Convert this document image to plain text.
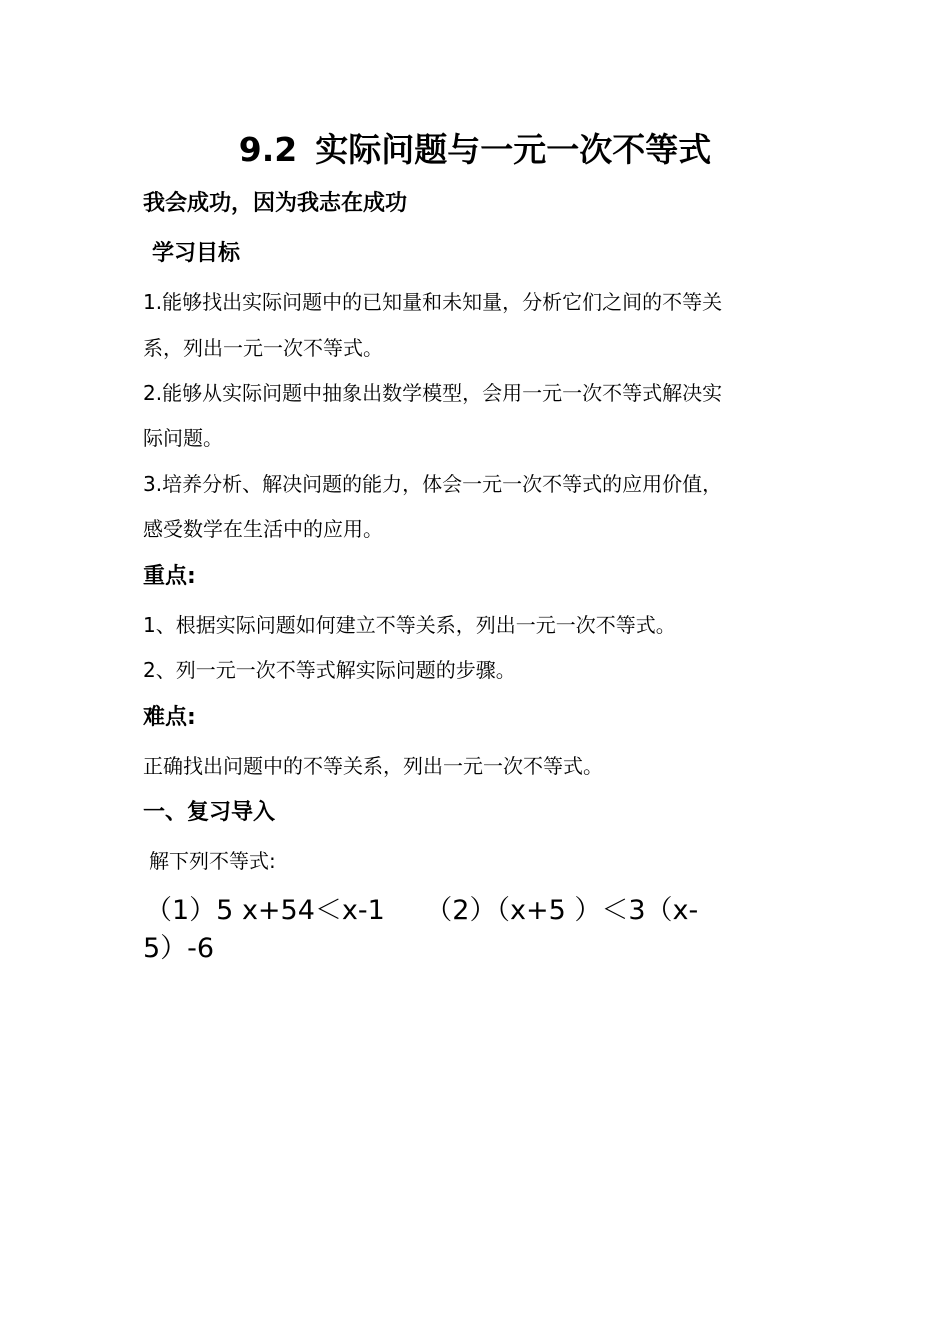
9.2 实际问题与一元一次不等式
我会成功，因为我志在成功
学习目标
1.能够找出实际问题中的已知量和未知量，分析它们之间的不等关
系，列出一元一次不等式。
2.能够从实际问题中抽象出数学模型，会用一元一次不等式解决实
际问题。
3.培养分析、解决问题的能力，体会一元一次不等式的应用价值，
感受数学在生活中的应用。
重点:
1、根据实际问题如何建立不等关系，列出一元一次不等式。
2、列一元一次不等式解实际问题的步骤。
难点:
正确找出问题中的不等关系，列出一元一次不等式。
一、复习导入
解下列不等式:
（1）5 x+54＜x-1　　（2）（x+5 ）＜3（x-
5）-6
